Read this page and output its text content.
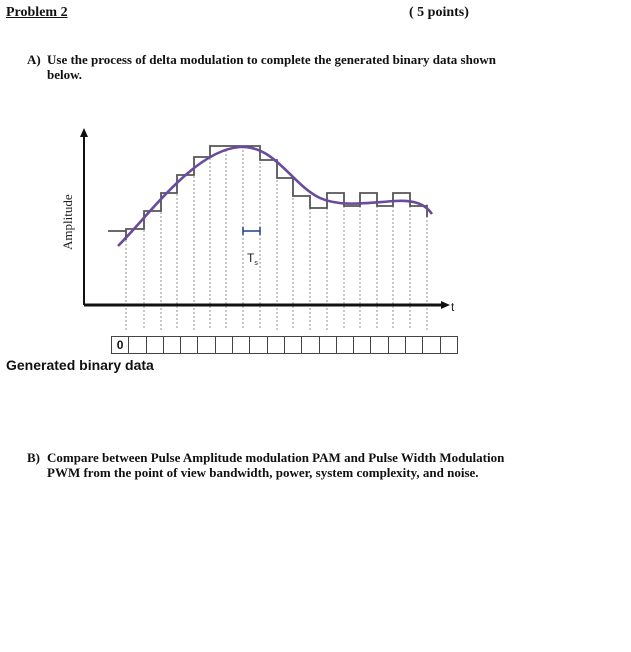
Problem 2	( 5 points)
A) Use the process of delta modulation to complete the generated binary data shown
below.
$T_s$
t
Amplitude
0
Generated binary data
B) Compare between Pulse Amplitude modulation PAM and Pulse Width Modulation
PWM from the point of view bandwidth, power, system complexity, and noise.
